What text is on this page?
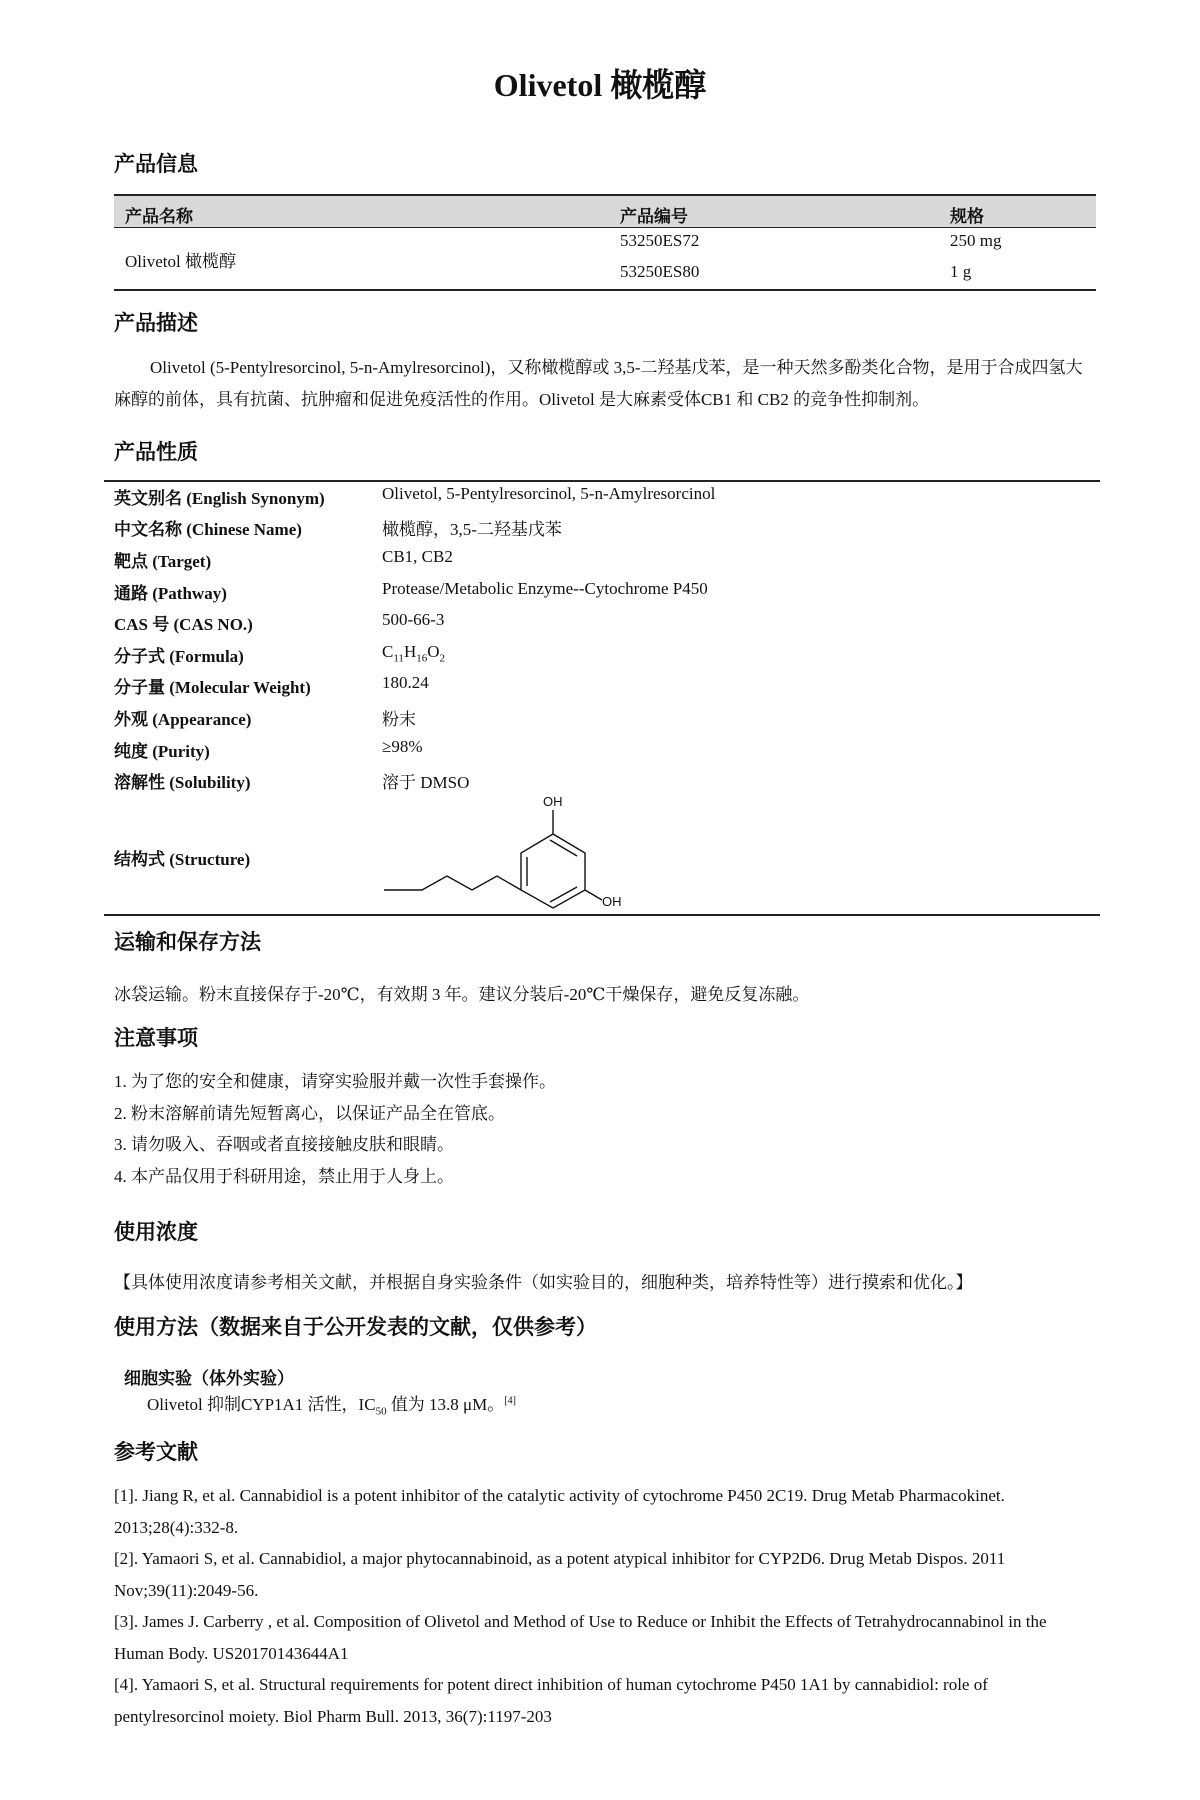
Olivetol 橄榄醇
产品信息
产品名称	产品编号	规格
Olivetol 橄榄醇
53250ES72	250 mg
53250ES80	1 g
产品描述

Olivetol (5-Pentylresorcinol, 5-n-Amylresorcinol)，又称橄榄醇或 3,5-二羟基戊苯，是一种天然多酚类化合物，是用于合成四氢大麻醇的前体，具有抗菌、抗肿瘤和促进免疫活性的作用。Olivetol 是大麻素受体CB1 和 CB2 的竞争性抑制剂。

产品性质
英文别名 (English Synonym)	Olivetol, 5-Pentylresorcinol, 5-n-Amylresorcinol
中文名称 (Chinese Name)	橄榄醇，3,5-二羟基戊苯
靶点 (Target)	CB1, CB2
通路 (Pathway)	Protease/Metabolic Enzyme--Cytochrome P450
CAS 号 (CAS NO.)	500-66-3
分子式 (Formula)	$C_{11}H_{16}O_2$
分子量 (Molecular Weight)	180.24
外观 (Appearance)	粉末
纯度 (Purity)	≥98%
溶解性 (Solubility)	溶于 DMSO
结构式 (Structure)
OH
OH
运输和保存方法

冰袋运输。粉末直接保存于-20℃，有效期 3 年。建议分装后-20℃干燥保存，避免反复冻融。

注意事项
1. 为了您的安全和健康，请穿实验服并戴一次性手套操作。
2. 粉末溶解前请先短暂离心，以保证产品全在管底。
3. 请勿吸入、吞咽或者直接接触皮肤和眼睛。
4. 本产品仅用于科研用途，禁止用于人身上。
使用浓度

【具体使用浓度请参考相关文献，并根据自身实验条件（如实验目的，细胞种类，培养特性等）进行摸索和优化。】

使用方法（数据来自于公开发表的文献，仅供参考）
细胞实验（体外实验）

Olivetol 抑制CYP1A1 活性，$IC_{50}$ 值为 13.8 μM。[4]

参考文献
[1]. Jiang R, et al. Cannabidiol is a potent inhibitor of the catalytic activity of cytochrome P450 2C19. Drug Metab Pharmacokinet. 2013;28(4):332-8.
[2]. Yamaori S, et al. Cannabidiol, a major phytocannabinoid, as a potent atypical inhibitor for CYP2D6. Drug Metab Dispos. 2011 Nov;39(11):2049-56.
[3]. James J. Carberry , et al. Composition of Olivetol and Method of Use to Reduce or Inhibit the Effects of Tetrahydrocannabinol in the Human Body. US20170143644A1
[4]. Yamaori S, et al. Structural requirements for potent direct inhibition of human cytochrome P450 1A1 by cannabidiol: role of pentylresorcinol moiety. Biol Pharm Bull. 2013, 36(7):1197-203
